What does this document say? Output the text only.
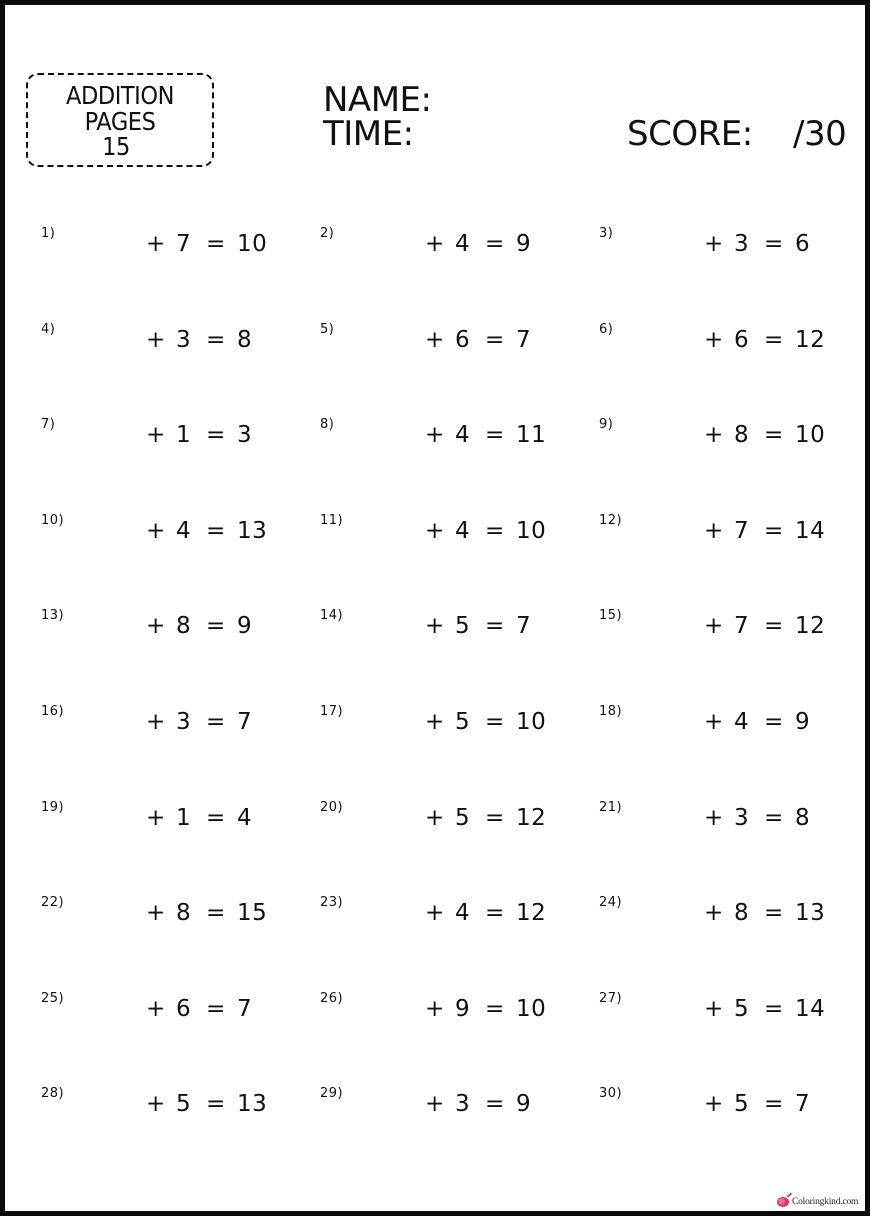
ADDITION
PAGES
15
NAME:
TIME:	SCORE: /30
1)	+ 7 = 10	2)	+ 4 = 9	3)	+ 3 = 6
4)	+ 3 = 8	5)	+ 6 = 7	6)	+ 6 = 12
7)	+ 1 = 3	8)	+ 4 = 11	9)	+ 8 = 10
10)	+ 4 = 13	11)	+ 4 = 10	12)	+ 7 = 14
13)	+ 8 = 9	14)	+ 5 = 7	15)	+ 7 = 12
16)	+ 3 = 7	17)	+ 5 = 10	18)	+ 4 = 9
19)	+ 1 = 4	20)	+ 5 = 12	21)	+ 3 = 8
22)	+ 8 = 15	23)	+ 4 = 12	24)	+ 8 = 13
25)	+ 6 = 7	26)	+ 9 = 10	27)	+ 5 = 14
28)	+ 5 = 13	29)	+ 3 = 9	30)	+ 5 = 7
Coloringkind.com
